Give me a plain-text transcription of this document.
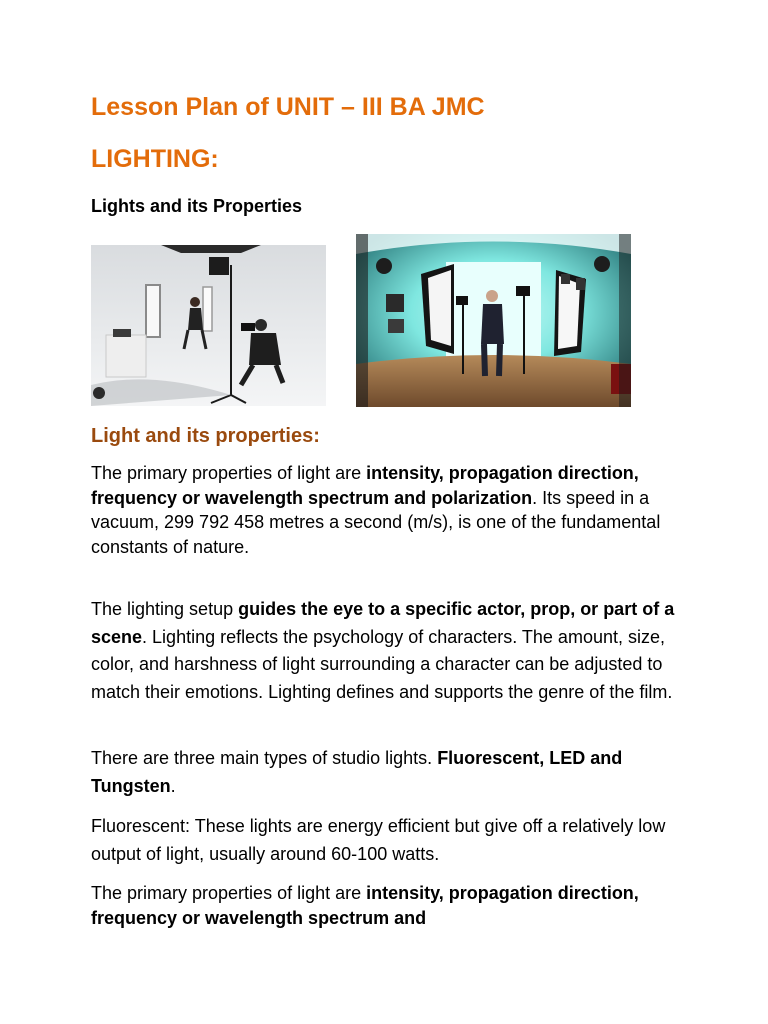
Lesson Plan of UNIT – III BA JMC
LIGHTING:
Lights and its Properties
Light and its properties:
The primary properties of light are intensity, propagation direction, frequency or wavelength spectrum and polarization. Its speed in a vacuum, 299 792 458 metres a second (m/s), is one of the fundamental constants of nature.
The lighting setup guides the eye to a specific actor, prop, or part of a scene. Lighting reflects the psychology of characters. The amount, size, color, and harshness of light surrounding a character can be adjusted to match their emotions. Lighting defines and supports the genre of the film.
There are three main types of studio lights. Fluorescent, LED and Tungsten.
Fluorescent: These lights are energy efficient but give off a relatively low output of light, usually around 60-100 watts.
The primary properties of light are intensity, propagation direction, frequency or wavelength spectrum and
